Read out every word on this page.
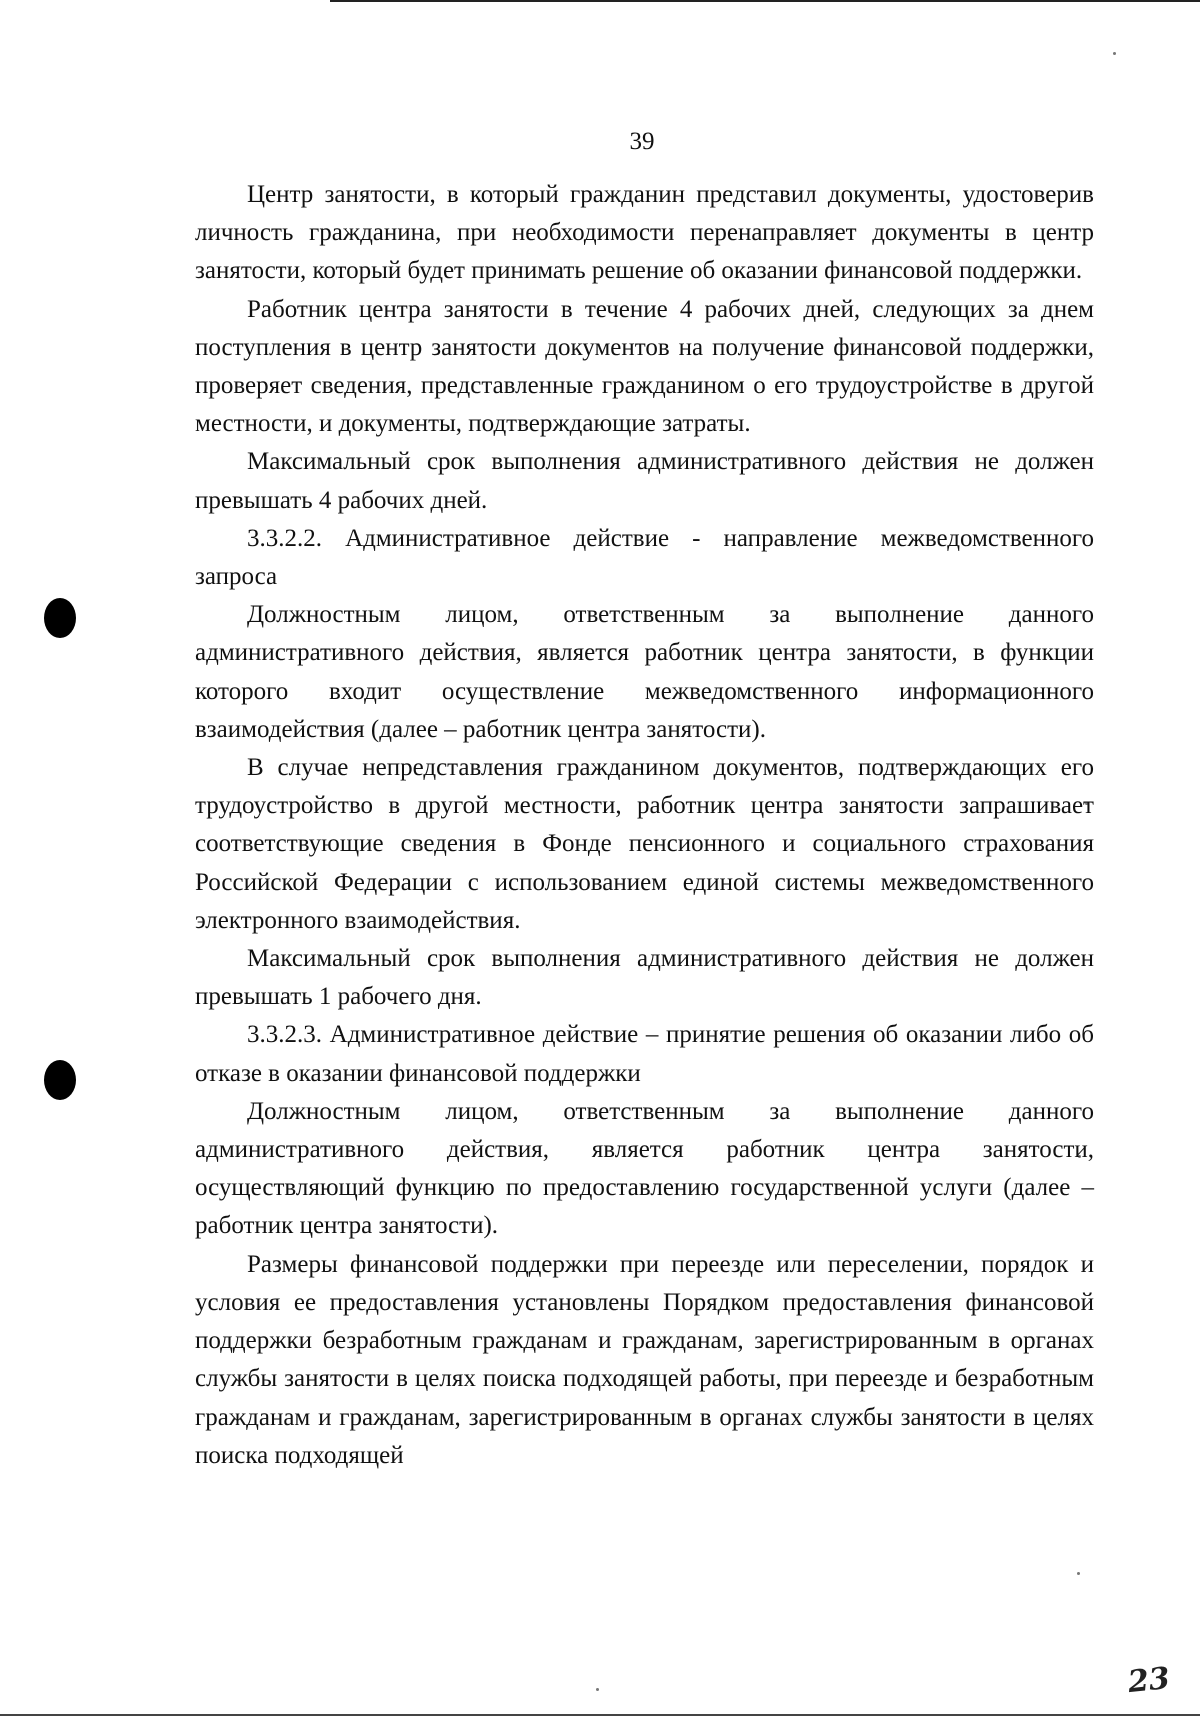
39

Центр занятости, в который гражданин представил документы, удостоверив личность гражданина, при необходимости перенаправляет документы в центр занятости, который будет принимать решение об оказании финансовой поддержки.

Работник центра занятости в течение 4 рабочих дней, следующих за днем поступления в центр занятости документов на получение финансовой поддержки, проверяет сведения, представленные гражданином о его трудоустройстве в другой местности, и документы, подтверждающие затраты.

Максимальный срок выполнения административного действия не должен превышать 4 рабочих дней.

3.3.2.2. Административное действие - направление межведомственного запроса

Должностным лицом, ответственным за выполнение данного административного действия, является работник центра занятости, в функции которого входит осуществление межведомственного информационного взаимодействия (далее – работник центра занятости).

В случае непредставления гражданином документов, подтверждающих его трудоустройство в другой местности, работник центра занятости запрашивает соответствующие сведения в Фонде пенсионного и социального страхования Российской Федерации с использованием единой системы межведомственного электронного взаимодействия.

Максимальный срок выполнения административного действия не должен превышать 1 рабочего дня.

3.3.2.3. Административное действие – принятие решения об оказании либо об отказе в оказании финансовой поддержки

Должностным лицом, ответственным за выполнение данного административного действия, является работник центра занятости, осуществляющий функцию по предоставлению государственной услуги (далее – работник центра занятости).

Размеры финансовой поддержки при переезде или переселении, порядок и условия ее предоставления установлены Порядком предоставления финансовой поддержки безработным гражданам и гражданам, зарегистрированным в органах службы занятости в целях поиска подходящей работы, при переезде и безработным гражданам и гражданам, зарегистрированным в органах службы занятости в целях поиска подходящей

23
